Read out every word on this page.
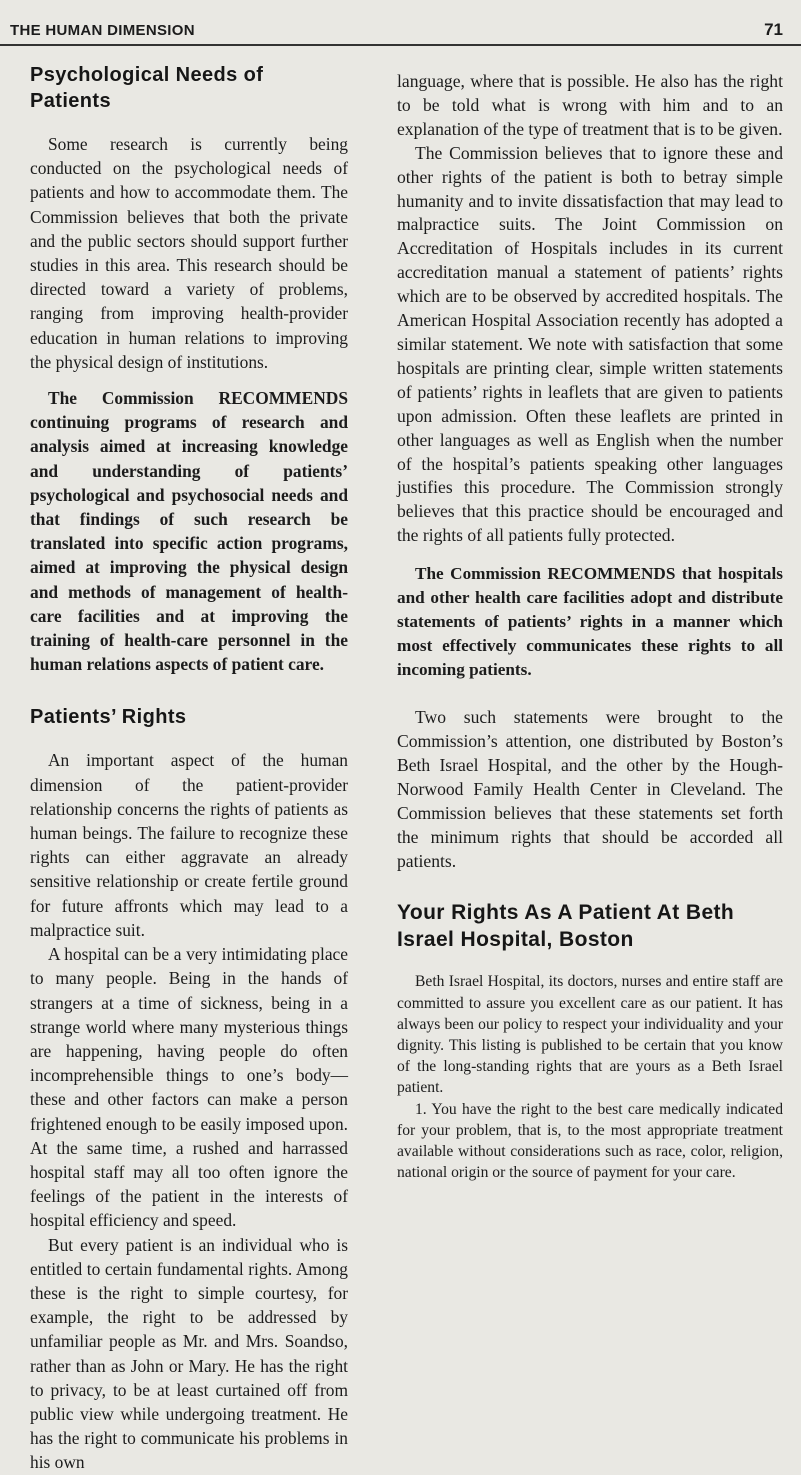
THE HUMAN DIMENSION	71
Psychological Needs of Patients

Some research is currently being conducted on the psychological needs of patients and how to accommodate them. The Commission believes that both the private and the public sectors should support further studies in this area. This research should be directed toward a variety of problems, ranging from improving health-provider education in human relations to improving the physical design of institutions.

The Commission RECOMMENDS continuing programs of research and analysis aimed at increasing knowledge and understanding of patients’ psychological and psychosocial needs and that findings of such research be translated into specific action programs, aimed at improving the physical design and methods of management of health-care facilities and at improving the training of health-care personnel in the human relations aspects of patient care.

Patients’ Rights

An important aspect of the human dimension of the patient-provider relationship concerns the rights of patients as human beings. The failure to recognize these rights can either aggravate an already sensitive relationship or create fertile ground for future affronts which may lead to a malpractice suit.

A hospital can be a very intimidating place to many people. Being in the hands of strangers at a time of sickness, being in a strange world where many mysterious things are happening, having people do often incomprehensible things to one’s body—these and other factors can make a person frightened enough to be easily imposed upon. At the same time, a rushed and harrassed hospital staff may all too often ignore the feelings of the patient in the interests of hospital efficiency and speed.

But every patient is an individual who is entitled to certain fundamental rights. Among these is the right to simple courtesy, for example, the right to be addressed by unfamiliar people as Mr. and Mrs. Soandso, rather than as John or Mary. He has the right to privacy, to be at least curtained off from public view while undergoing treatment. He has the right to communicate his problems in his own

language, where that is possible. He also has the right to be told what is wrong with him and to an explanation of the type of treatment that is to be given.

The Commission believes that to ignore these and other rights of the patient is both to betray simple humanity and to invite dissatisfaction that may lead to malpractice suits. The Joint Commission on Accreditation of Hospitals includes in its current accreditation manual a statement of patients’ rights which are to be observed by accredited hospitals. The American Hospital Association recently has adopted a similar statement. We note with satisfaction that some hospitals are printing clear, simple written statements of patients’ rights in leaflets that are given to patients upon admission. Often these leaflets are printed in other languages as well as English when the number of the hospital’s patients speaking other languages justifies this procedure. The Commission strongly believes that this practice should be encouraged and the rights of all patients fully protected.

The Commission RECOMMENDS that hospitals and other health care facilities adopt and distribute statements of patients’ rights in a manner which most effectively communicates these rights to all incoming patients.

Two such statements were brought to the Commission’s attention, one distributed by Boston’s Beth Israel Hospital, and the other by the Hough-Norwood Family Health Center in Cleveland. The Commission believes that these statements set forth the minimum rights that should be accorded all patients.

Your Rights As A Patient At Beth Israel Hospital, Boston

Beth Israel Hospital, its doctors, nurses and entire staff are committed to assure you excellent care as our patient. It has always been our policy to respect your individuality and your dignity. This listing is published to be certain that you know of the long-standing rights that are yours as a Beth Israel patient.

1. You have the right to the best care medically indicated for your problem, that is, to the most appropriate treatment available without considerations such as race, color, religion, national origin or the source of payment for your care.
